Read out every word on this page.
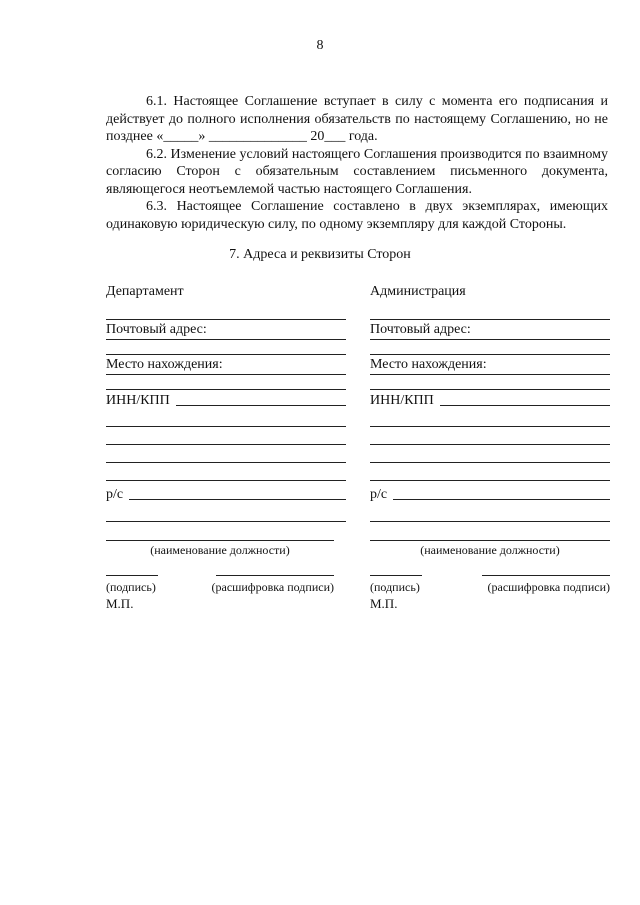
8

6.1. Настоящее Соглашение вступает в силу с момента его подписания и действует до полного исполнения обязательств по настоящему Соглашению, но не позднее «_____» ______________ 20___ года.

6.2. Изменение условий настоящего Соглашения производится по взаимному согласию Сторон с обязательным составлением письменного документа, являющегося неотъемлемой частью настоящего Соглашения.

6.3. Настоящее Соглашение составлено в двух экземплярах, имеющих одинаковую юридическую силу, по одному экземпляру для каждой Стороны.

7. Адреса и реквизиты Сторон
Департамент
Почтовый адрес:
Место нахождения:
ИНН/КПП
р/с
(наименование должности)
(подпись)	(расшифровка подписи)
М.П.
Администрация
Почтовый адрес:
Место нахождения:
ИНН/КПП
р/с
(наименование должности)
(подпись)	(расшифровка подписи)
М.П.
